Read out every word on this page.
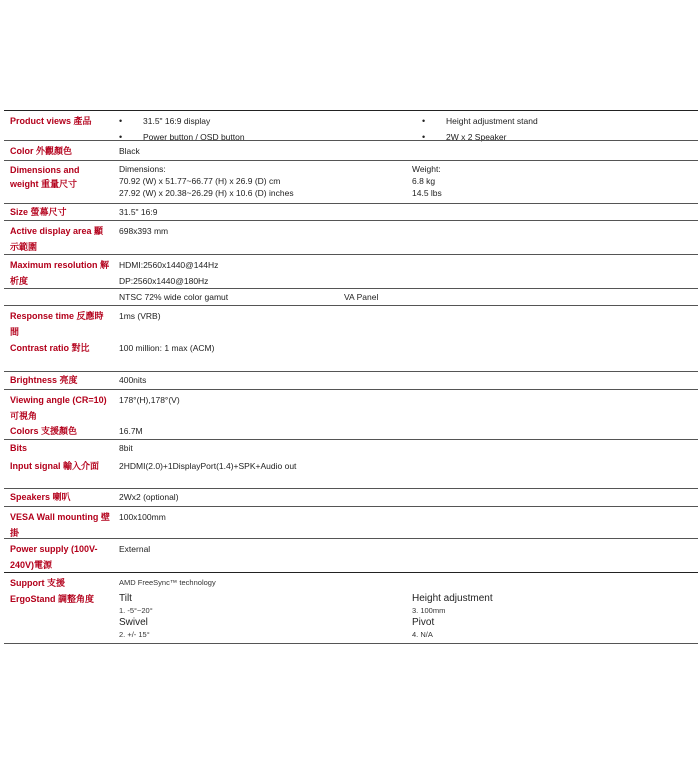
Product views 產品
•	31.5" 16:9 display
• Power button / OSD button
• Height adjustment stand
• 2W x 2 Speaker
Color 外觀顏色	Black
Dimensions and weight 重量尺寸
Dimensions:
70.92 (W) x 51.77~66.77 (H) x 26.9 (D) cm
27.92 (W) x 20.38~26.29 (H) x 10.6 (D) inches
Weight:
6.8 kg
14.5 lbs
Size 螢幕尺寸	31.5" 16:9
Active display area 顯示範圍
698x393 mm
Maximum resolution 解析度
HDMI:2560x1440@144Hz
DP:2560x1440@180Hz
NTSC 72% wide color gamut	VA Panel
Response time 反應時間
1ms (VRB)
Contrast ratio 對比	100 million: 1 max (ACM)
Brightness 亮度	400nits
Viewing angle (CR=10)可視角
178°(H),178°(V)
Colors 支援顏色	16.7M
Bits	8bit
Input signal 輸入介面	2HDMI(2.0)+1DisplayPort(1.4)+SPK+Audio out
Speakers 喇叭	2Wx2 (optional)
VESA Wall mounting 壁掛
100x100mm
Power supply (100V-240V)電源
External
Support 支援
ErgoStand 調整角度
AMD FreeSync™ technology
Tilt
1. -5°~20°
Swivel
2. +/- 15°
Height adjustment
3. 100mm
Pivot
4. N/A
